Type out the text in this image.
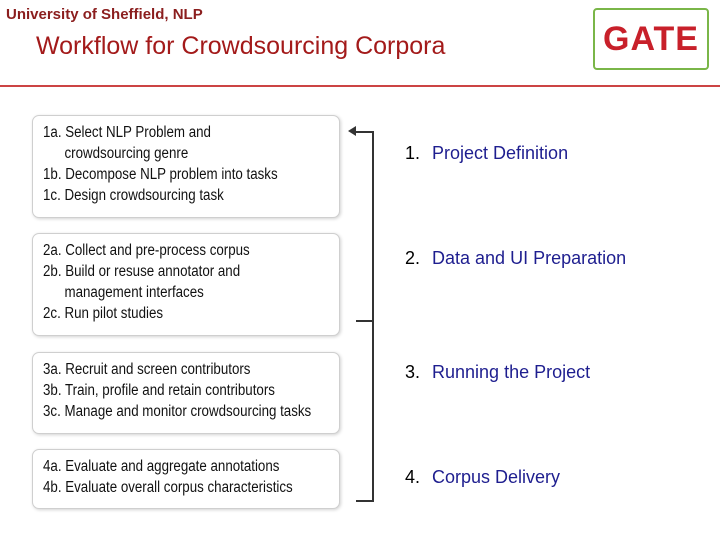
University of Sheffield, NLP
Workflow for Crowdsourcing Corpora	GATE
1a. Select NLP Problem and
crowdsourcing genre
1b. Decompose NLP problem into tasks
1c. Design crowdsourcing task
2a. Collect and pre-process corpus
2b. Build or resuse annotator and
management interfaces
2c. Run pilot studies
3a. Recruit and screen contributors
3b. Train, profile and retain contributors
3c. Manage and monitor crowdsourcing tasks
4a. Evaluate and aggregate annotations
4b. Evaluate overall corpus characteristics
1. Project Definition
2. Data and UI Preparation
3. Running the Project
4. Corpus Delivery
